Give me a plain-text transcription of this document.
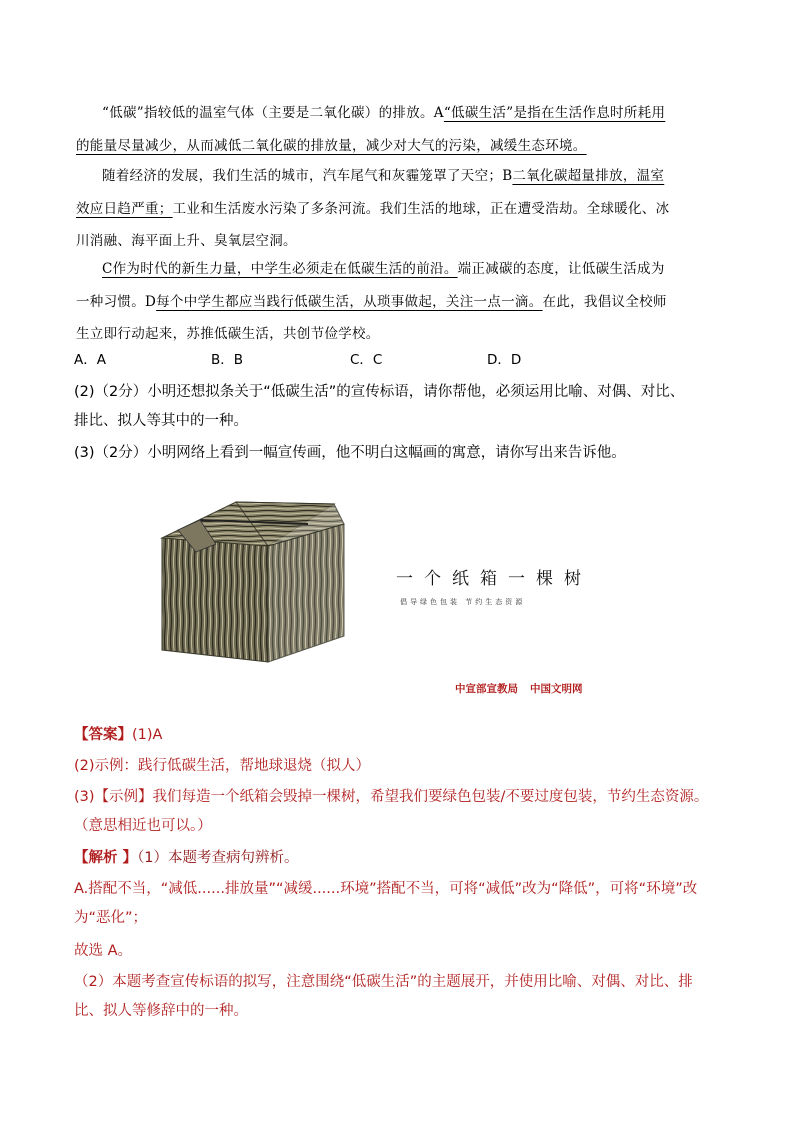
“低碳”指较低的温室气体（主要是二氧化碳）的排放。A“低碳生活”是指在生活作息时所耗用的能量尽量减少，从而减低二氧化碳的排放量，减少对大气的污染，减缓生态环境。
随着经济的发展，我们生活的城市，汽车尾气和灰霾笼罩了天空；B二氧化碳超量排放，温室效应日趋严重；工业和生活废水污染了多条河流。我们生活的地球，正在遭受浩劫。全球暖化、冰川消融、海平面上升、臭氧层空洞。
C作为时代的新生力量，中学生必须走在低碳生活的前沿。端正减碳的态度，让低碳生活成为一种习惯。D每个中学生都应当践行低碳生活，从琐事做起，关注一点一滴。在此，我倡议全校师生立即行动起来，苏推低碳生活，共创节俭学校。
A．A	B．B	C．C	D．D
(2)（2分）小明还想拟条关于“低碳生活”的宣传标语，请你帮他，必须运用比喻、对偶、对比、排比、拟人等其中的一种。
(3)（2分）小明网络上看到一幅宣传画，他不明白这幅画的寓意，请你写出来告诉他。
一 个 纸 箱 一 棵 树
倡导绿色包装 节约生态资源
中宣部宣教局 中国文明网
【答案】(1)A
(2)示例：践行低碳生活，帮地球退烧（拟人）
(3)【示例】我们每造一个纸箱会毁掉一棵树，希望我们要绿色包装/不要过度包装，节约生态资源。（意思相近也可以。）
【解析 】（1）本题考查病句辨析。
A.搭配不当，“减低......排放量”“减缓......环境”搭配不当，可将“减低”改为“降低”，可将“环境”改为“恶化”；
故选 A。
（2）本题考查宣传标语的拟写，注意围绕“低碳生活”的主题展开，并使用比喻、对偶、对比、排比、拟人等修辞中的一种。
